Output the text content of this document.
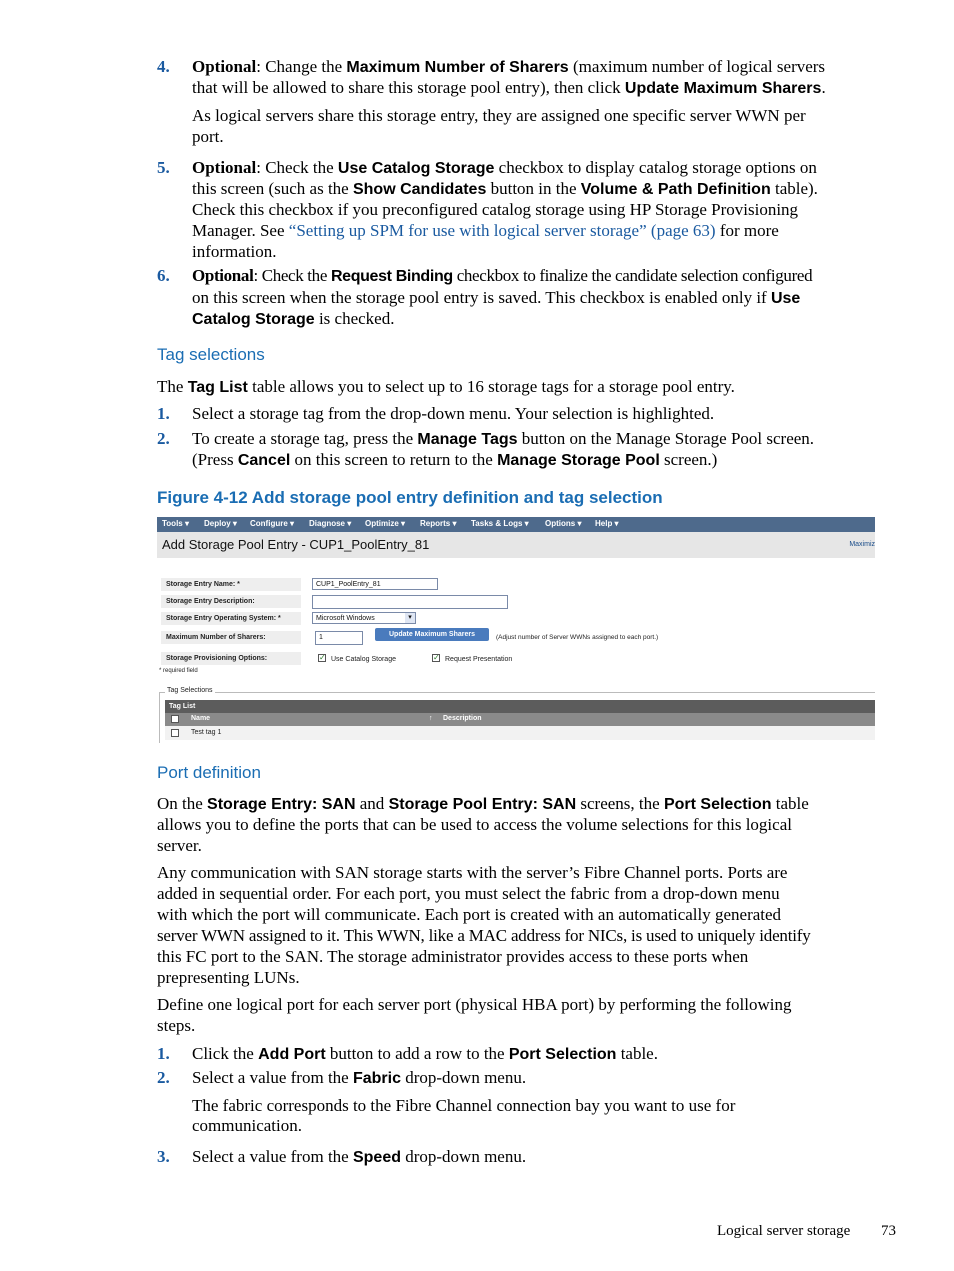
4. Optional: Change the Maximum Number of Sharers (maximum number of logical servers
that will be allowed to share this storage pool entry), then click Update Maximum Sharers.
As logical servers share this storage entry, they are assigned one specific server WWN per
port.
5. Optional: Check the Use Catalog Storage checkbox to display catalog storage options on
this screen (such as the Show Candidates button in the Volume & Path Definition table).
Check this checkbox if you preconfigured catalog storage using HP Storage Provisioning
Manager. See “Setting up SPM for use with logical server storage” (page 63) for more
information.
6. Optional: Check the Request Binding checkbox to finalize the candidate selection configured
on this screen when the storage pool entry is saved. This checkbox is enabled only if Use
Catalog Storage is checked.
Tag selections
The Tag List table allows you to select up to 16 storage tags for a storage pool entry.
1. Select a storage tag from the drop-down menu. Your selection is highlighted.
2. To create a storage tag, press the Manage Tags button on the Manage Storage Pool screen.
(Press Cancel on this screen to return to the Manage Storage Pool screen.)
Figure 4-12 Add storage pool entry definition and tag selection
Tools ▾ Deploy ▾ Configure ▾ Diagnose ▾ Optimize ▾ Reports ▾ Tasks & Logs ▾ Options ▾ Help ▾
Add Storage Pool Entry - CUP1_PoolEntry_81	Maximiz
Storage Entry Name: *	CUP1_PoolEntry_81
Storage Entry Description:
Storage Entry Operating System: *	Microsoft Windows	▾
Maximum Number of Sharers:	1	Update Maximum Sharers	(Adjust number of Server WWNs assigned to each port.)
Storage Provisioning Options:	✓ Use Catalog Storage	✓ Request Presentation
* required field
Tag Selections
Tag List
Name	↑ Description
Test tag 1
Port definition
On the Storage Entry: SAN and Storage Pool Entry: SAN screens, the Port Selection table
allows you to define the ports that can be used to access the volume selections for this logical
server.
Any communication with SAN storage starts with the server’s Fibre Channel ports. Ports are
added in sequential order. For each port, you must select the fabric from a drop-down menu
with which the port will communicate. Each port is created with an automatically generated
server WWN assigned to it. This WWN, like a MAC address for NICs, is used to uniquely identify
this FC port to the SAN. The storage administrator provides access to these ports when
prepresenting LUNs.
Define one logical port for each server port (physical HBA port) by performing the following
steps.
1. Click the Add Port button to add a row to the Port Selection table.
2. Select a value from the Fabric drop-down menu.
The fabric corresponds to the Fibre Channel connection bay you want to use for
communication.
3. Select a value from the Speed drop-down menu.
Logical server storage 73
